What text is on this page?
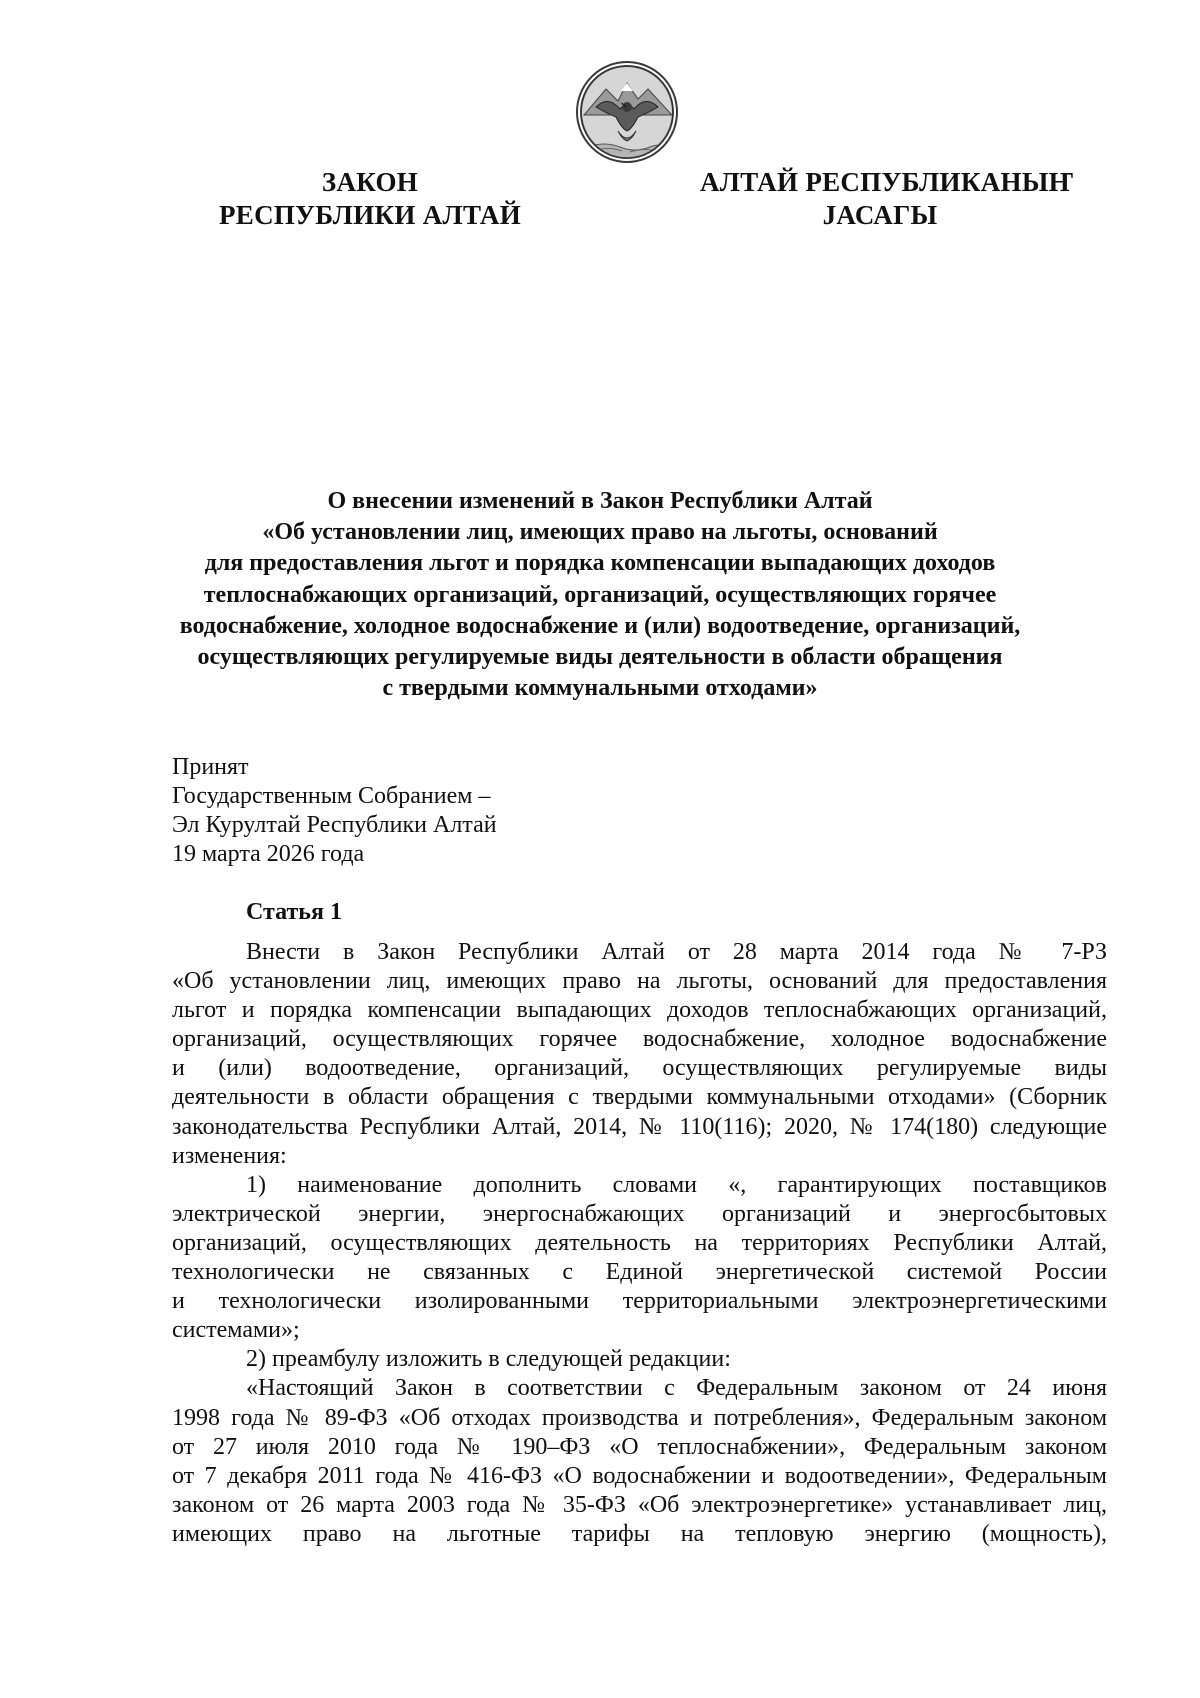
ЗАКОН
РЕСПУБЛИКИ АЛТАЙ
АЛТАЙ РЕСПУБЛИКАНЫҤ
ЈАСАГЫ
О внесении изменений в Закон Республики Алтай
«Об установлении лиц, имеющих право на льготы, оснований
для предоставления льгот и порядка компенсации выпадающих доходов
теплоснабжающих организаций, организаций, осуществляющих горячее
водоснабжение, холодное водоснабжение и (или) водоотведение, организаций,
осуществляющих регулируемые виды деятельности в области обращения
с твердыми коммунальными отходами»
Принят
Государственным Собранием –
Эл Курултай Республики Алтай
19 марта 2026 года
Статья 1
Внести в Закон Республики Алтай от 28 марта 2014 года № 7-РЗ
«Об установлении лиц, имеющих право на льготы, оснований для предоставления
льгот и порядка компенсации выпадающих доходов теплоснабжающих организаций,
организаций, осуществляющих горячее водоснабжение, холодное водоснабжение
и (или) водоотведение, организаций, осуществляющих регулируемые виды
деятельности в области обращения с твердыми коммунальными отходами» (Сборник
законодательства Республики Алтай, 2014, № 110(116); 2020, № 174(180) следующие
изменения:
1) наименование дополнить словами «, гарантирующих поставщиков
электрической энергии, энергоснабжающих организаций и энергосбытовых
организаций, осуществляющих деятельность на территориях Республики Алтай,
технологически не связанных с Единой энергетической системой России
и технологически изолированными территориальными электроэнергетическими
системами»;
2) преамбулу изложить в следующей редакции:
«Настоящий Закон в соответствии с Федеральным законом от 24 июня
1998 года № 89-ФЗ «Об отходах производства и потребления», Федеральным законом
от 27 июля 2010 года № 190–ФЗ «О теплоснабжении», Федеральным законом
от 7 декабря 2011 года № 416-ФЗ «О водоснабжении и водоотведении», Федеральным
законом от 26 марта 2003 года № 35-ФЗ «Об электроэнергетике» устанавливает лиц,
имеющих право на льготные тарифы на тепловую энергию (мощность),
